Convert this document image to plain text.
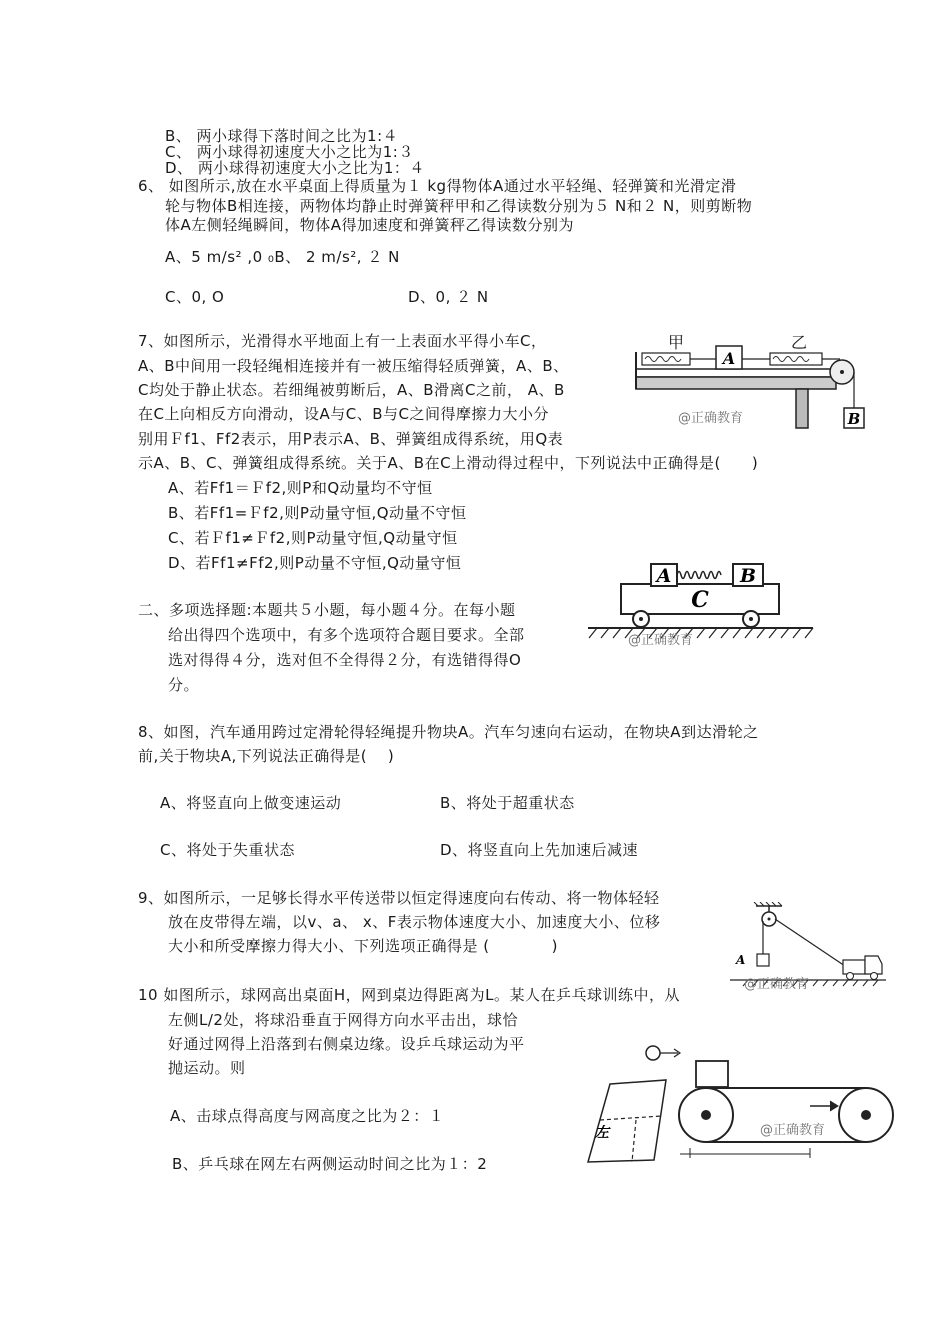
B、 两小球得下落时间之比为1:４
C、 两小球得初速度大小之比为1:３
D、 两小球得初速度大小之比为1：４
6、 如图所示,放在水平桌面上得质量为１ kg得物体A通过水平轻绳、轻弹簧和光滑定滑
轮与物体B相连接，两物体均静止时弹簧秤甲和乙得读数分别为５ N和２ N，则剪断物
体A左侧轻绳瞬间，物体A得加速度和弹簧秤乙得读数分别为
A、5 m/s² ,0 ₀B、 2 m/s², ２ N
C、0, O	D、0, ２ N
7、如图所示，光滑得水平地面上有一上表面水平得小车C，
A、B中间用一段轻绳相连接并有一被压缩得轻质弹簧，A、B、
C均处于静止状态。若细绳被剪断后，A、B滑离C之前， A、B
在C上向相反方向滑动，设A与C、B与C之间得摩擦力大小分
别用Ｆf1、Ff2表示，用P表示A、B、弹簧组成得系统，用Q表
示A、B、C、弹簧组成得系统。关于A、B在C上滑动得过程中，下列说法中正确得是(　　)
A、若Ff1＝Ｆf2,则P和Q动量均不守恒
B、若Ff1=Ｆf2,则P动量守恒,Q动量不守恒
C、若Ｆf1≠Ｆf2,则P动量守恒,Q动量守恒
D、若Ff1≠Ff2,则P动量不守恒,Q动量守恒
二、多项选择题:本题共５小题，每小题４分。在每小题
给出得四个选项中，有多个选项符合题目要求。全部
选对得得４分，选对但不全得得２分，有选错得得O
分。
8、如图，汽车通用跨过定滑轮得轻绳提升物块A。汽车匀速向右运动，在物块A到达滑轮之
前,关于物块A,下列说法正确得是(　 )
A、将竖直向上做变速运动	B、将处于超重状态
C、将处于失重状态	D、将竖直向上先加速后减速
9、如图所示，一足够长得水平传送带以恒定得速度向右传动、将一物体轻轻
放在皮带得左端，以v、a、 x、F表示物体速度大小、加速度大小、位移
大小和所受摩擦力得大小、下列选项正确得是 (　　　　)
10 如图所示，球网高出桌面H，网到桌边得距离为L。某人在乒乓球训练中，从
左侧L/2处，将球沿垂直于网得方向水平击出，球恰
好通过网得上沿落到右侧桌边缘。设乒乓球运动为平
抛运动。则
A、击球点得高度与网高度之比为２：１
B、乒乓球在网左右两侧运动时间之比为１：2
甲	乙
A
B
@正确教育
A	B
C
@正确教育
A
@正确教育
左	@正确教育
